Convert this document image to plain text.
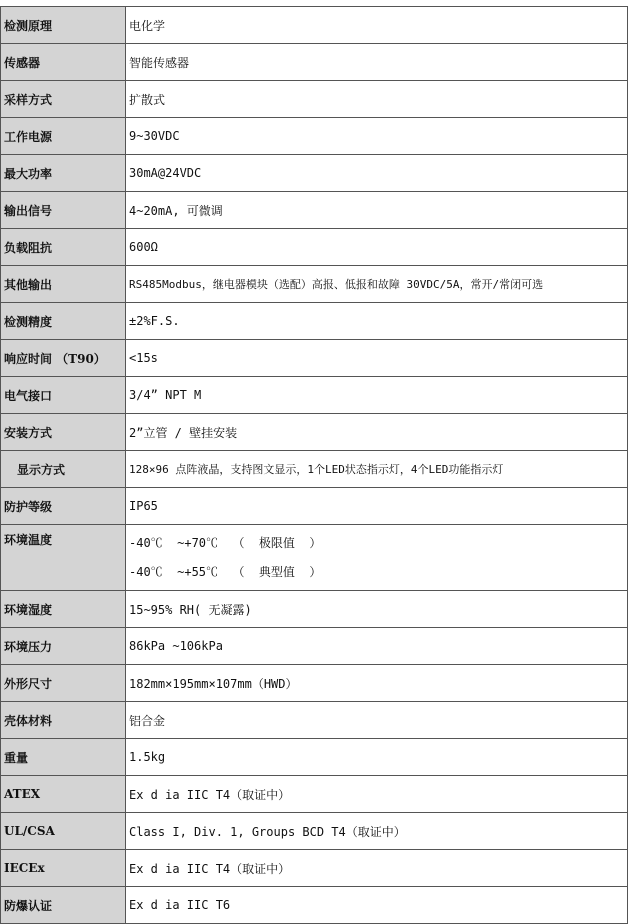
检测原理	电化学
传感器	智能传感器
采样方式	扩散式
工作电源	9~30VDC
最大功率	30mA@24VDC
输出信号	4~20mA, 可微调
负载阻抗	600Ω
其他输出	RS485Modbus，继电器模块（选配）高报、低报和故障 30VDC/5A，常开/常闭可选
检测精度	±2%F.S.
响应时间 （T90）	<15s
电气接口	3/4” NPT M
安装方式	2”立管 / 壁挂安装
显示方式	128×96 点阵液晶，支持图文显示，1个LED状态指示灯，4个LED功能指示灯
防护等级	IP65
环境温度	-40℃  ~+70℃  （  极限值  ）
-40℃  ~+55℃  （  典型值  ）

环境湿度	15~95% RH( 无凝露)
环境压力	86kPa ~106kPa
外形尺寸	182mm×195mm×107mm（HWD）
壳体材料	铝合金
重量	1.5kg
ATEX	Ex d ia IIC T4（取证中）
UL/CSA	Class I, Div. 1, Groups BCD T4（取证中）
IECEx	Ex d ia IIC T4（取证中）
防爆认证	Ex d ia IIC T6
